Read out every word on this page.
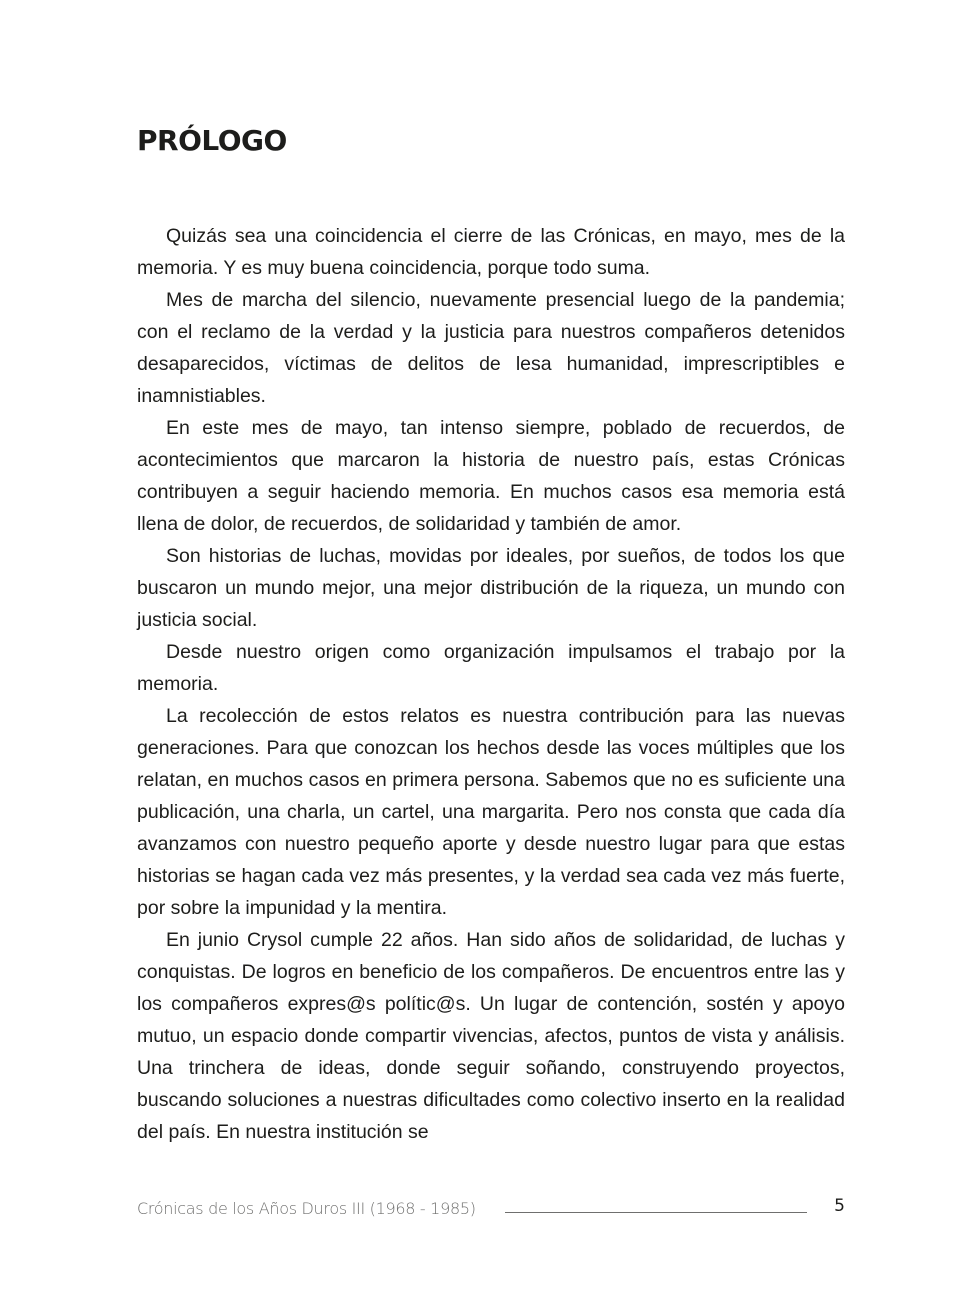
PRÓLOGO

Quizás sea una coincidencia el cierre de las Crónicas, en mayo, mes de la memoria. Y es muy buena coincidencia, porque todo suma.

Mes de marcha del silencio, nuevamente presencial luego de la pandemia; con el reclamo de la verdad y la justicia para nuestros compañeros detenidos desaparecidos, víctimas de delitos de lesa humanidad, imprescriptibles e inamnistiables.

En este mes de mayo, tan intenso siempre, poblado de recuerdos, de acontecimientos que marcaron la historia de nuestro país, estas Crónicas contribuyen a seguir haciendo memoria. En muchos casos esa memoria está llena de dolor, de recuerdos, de solidaridad y también de amor.

Son historias de luchas, movidas por ideales, por sueños, de todos los que buscaron un mundo mejor, una mejor distribución de la riqueza, un mundo con justicia social.

Desde nuestro origen como organización impulsamos el trabajo por la memoria.

La recolección de estos relatos es nuestra contribución para las nuevas generaciones. Para que conozcan los hechos desde las voces múltiples que los relatan, en muchos casos en primera persona. Sabemos que no es suficiente una publicación, una charla, un cartel, una margarita. Pero nos consta que cada día avanzamos con nuestro pequeño aporte y desde nuestro lugar para que estas historias se hagan cada vez más presentes, y la verdad sea cada vez más fuerte, por sobre la impunidad y la mentira.

En junio Crysol cumple 22 años. Han sido años de solidaridad, de luchas y conquistas. De logros en beneficio de los compañeros. De encuentros entre las y los compañeros expres@s polític@s. Un lugar de contención, sostén y apoyo mutuo, un espacio donde compartir vivencias, afectos, puntos de vista y análisis. Una trinchera de ideas, donde seguir soñando, construyendo proyectos, buscando soluciones a nuestras dificultades como colectivo inserto en la realidad del país. En nuestra institución se

Crónicas de los Años Duros III (1968 - 1985)	5
